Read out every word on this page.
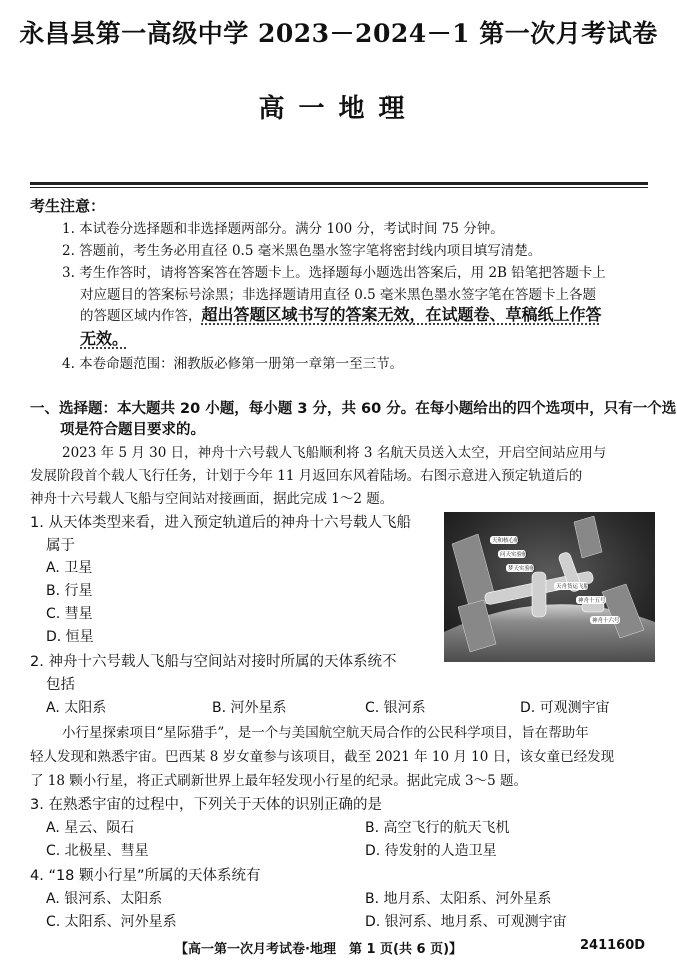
永昌县第一高级中学 2023－2024－1 第一次月考试卷
高一地理
考生注意：
1. 本试卷分选择题和非选择题两部分。满分 100 分，考试时间 75 分钟。
2. 答题前，考生务必用直径 0.5 毫米黑色墨水签字笔将密封线内项目填写清楚。
3. 考生作答时，请将答案答在答题卡上。选择题每小题选出答案后，用 2B 铅笔把答题卡上
对应题目的答案标号涂黑；非选择题请用直径 0.5 毫米黑色墨水签字笔在答题卡上各题
的答题区域内作答，超出答题区域书写的答案无效，在试题卷、草稿纸上作答
无效。
4. 本卷命题范围：湘教版必修第一册第一章第一至三节。
一、选择题：本大题共 20 小题，每小题 3 分，共 60 分。在每小题给出的四个选项中，只有一个选
项是符合题目要求的。
2023 年 5 月 30 日，神舟十六号载人飞船顺利将 3 名航天员送入太空，开启空间站应用与
发展阶段首个载人飞行任务，计划于今年 11 月返回东风着陆场。右图示意进入预定轨道后的
神舟十六号载人飞船与空间站对接画面，据此完成 1～2 题。
1. 从天体类型来看，进入预定轨道后的神舟十六号载人飞船
属于
A. 卫星
B. 行星
C. 彗星
D. 恒星
2. 神舟十六号载人飞船与空间站对接时所属的天体系统不
包括
A. 太阳系	B. 河外星系	C. 银河系	D. 可观测宇宙
小行星探索项目“星际猎手”，是一个与美国航空航天局合作的公民科学项目，旨在帮助年
轻人发现和熟悉宇宙。巴西某 8 岁女童参与该项目，截至 2021 年 10 月 10 日，该女童已经发现
了 18 颗小行星，将正式刷新世界上最年轻发现小行星的纪录。据此完成 3～5 题。
3. 在熟悉宇宙的过程中，下列关于天体的识别正确的是
A. 星云、陨石	B. 高空飞行的航天飞机
C. 北极星、彗星	D. 待发射的人造卫星
4. “18 颗小行星”所属的天体系统有
A. 银河系、太阳系	B. 地月系、太阳系、河外星系
C. 太阳系、河外星系	D. 银河系、地月系、可观测宇宙
【高一第一次月考试卷·地理　第 1 页(共 6 页)】	241160D
天和核心舱
问天实验舱
梦天实验舱
天舟货运飞船
神舟十五号
神舟十六号
